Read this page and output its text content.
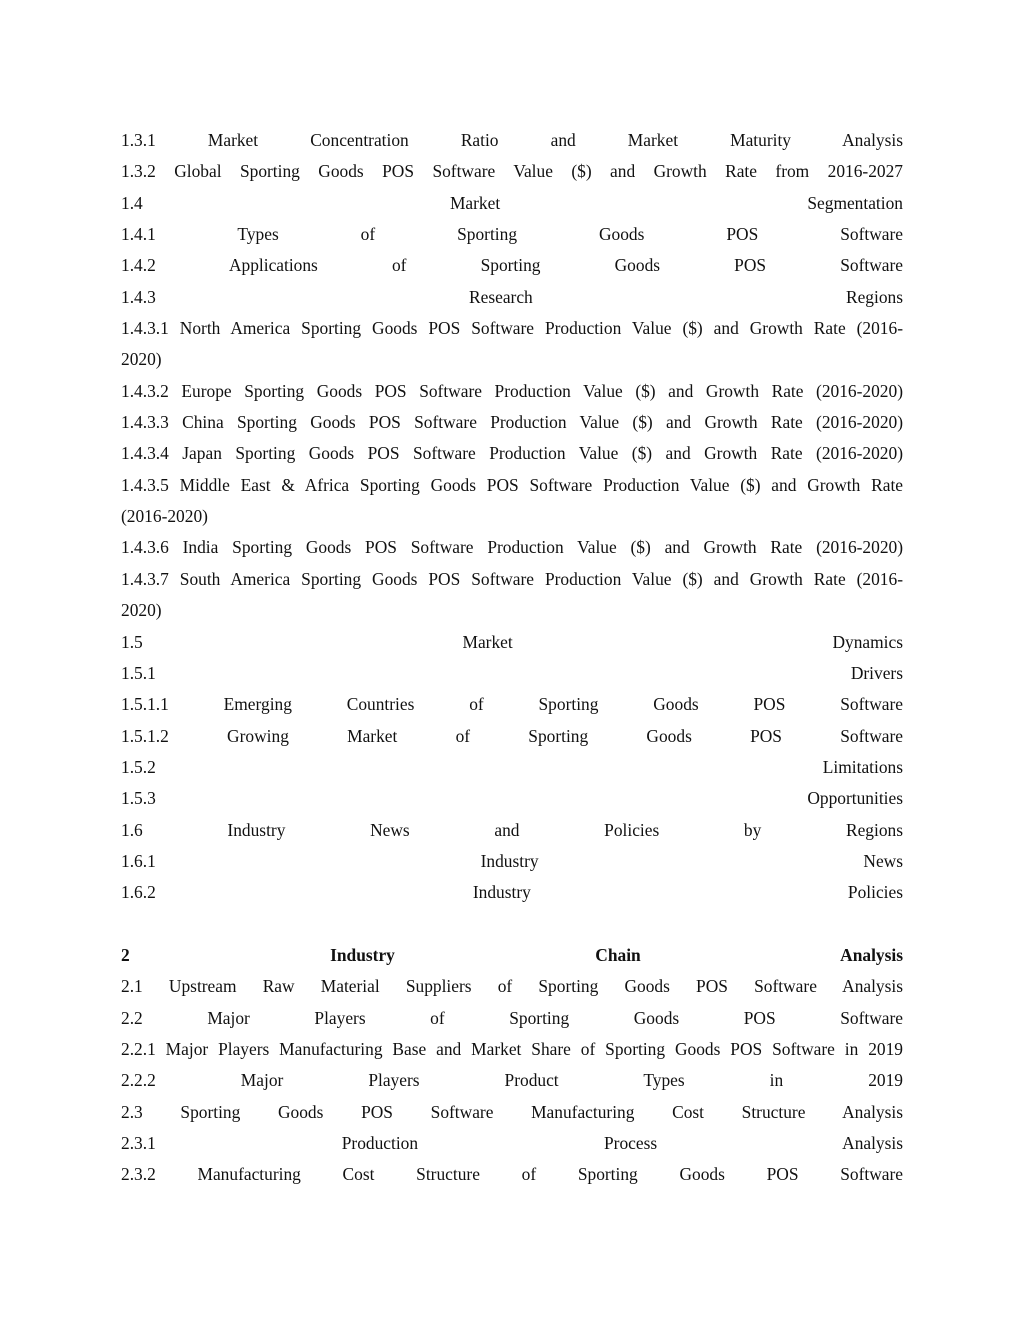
1.3.1 Market Concentration Ratio and Market Maturity Analysis
1.3.2 Global Sporting Goods POS Software Value ($) and Growth Rate from 2016-2027
1.4 Market Segmentation
1.4.1 Types of Sporting Goods POS Software
1.4.2 Applications of Sporting Goods POS Software
1.4.3 Research Regions
1.4.3.1 North America Sporting Goods POS Software Production Value ($) and Growth Rate (2016-
2020)
1.4.3.2 Europe Sporting Goods POS Software Production Value ($) and Growth Rate (2016-2020)
1.4.3.3 China Sporting Goods POS Software Production Value ($) and Growth Rate (2016-2020)
1.4.3.4 Japan Sporting Goods POS Software Production Value ($) and Growth Rate (2016-2020)
1.4.3.5 Middle East & Africa Sporting Goods POS Software Production Value ($) and Growth Rate
(2016-2020)
1.4.3.6 India Sporting Goods POS Software Production Value ($) and Growth Rate (2016-2020)
1.4.3.7 South America Sporting Goods POS Software Production Value ($) and Growth Rate (2016-
2020)
1.5 Market Dynamics
1.5.1 Drivers
1.5.1.1 Emerging Countries of Sporting Goods POS Software
1.5.1.2 Growing Market of Sporting Goods POS Software
1.5.2 Limitations
1.5.3 Opportunities
1.6 Industry News and Policies by Regions
1.6.1 Industry News
1.6.2 Industry Policies
2 Industry Chain Analysis
2.1 Upstream Raw Material Suppliers of Sporting Goods POS Software Analysis
2.2 Major Players of Sporting Goods POS Software
2.2.1 Major Players Manufacturing Base and Market Share of Sporting Goods POS Software in 2019
2.2.2 Major Players Product Types in 2019
2.3 Sporting Goods POS Software Manufacturing Cost Structure Analysis
2.3.1 Production Process Analysis
2.3.2 Manufacturing Cost Structure of Sporting Goods POS Software
